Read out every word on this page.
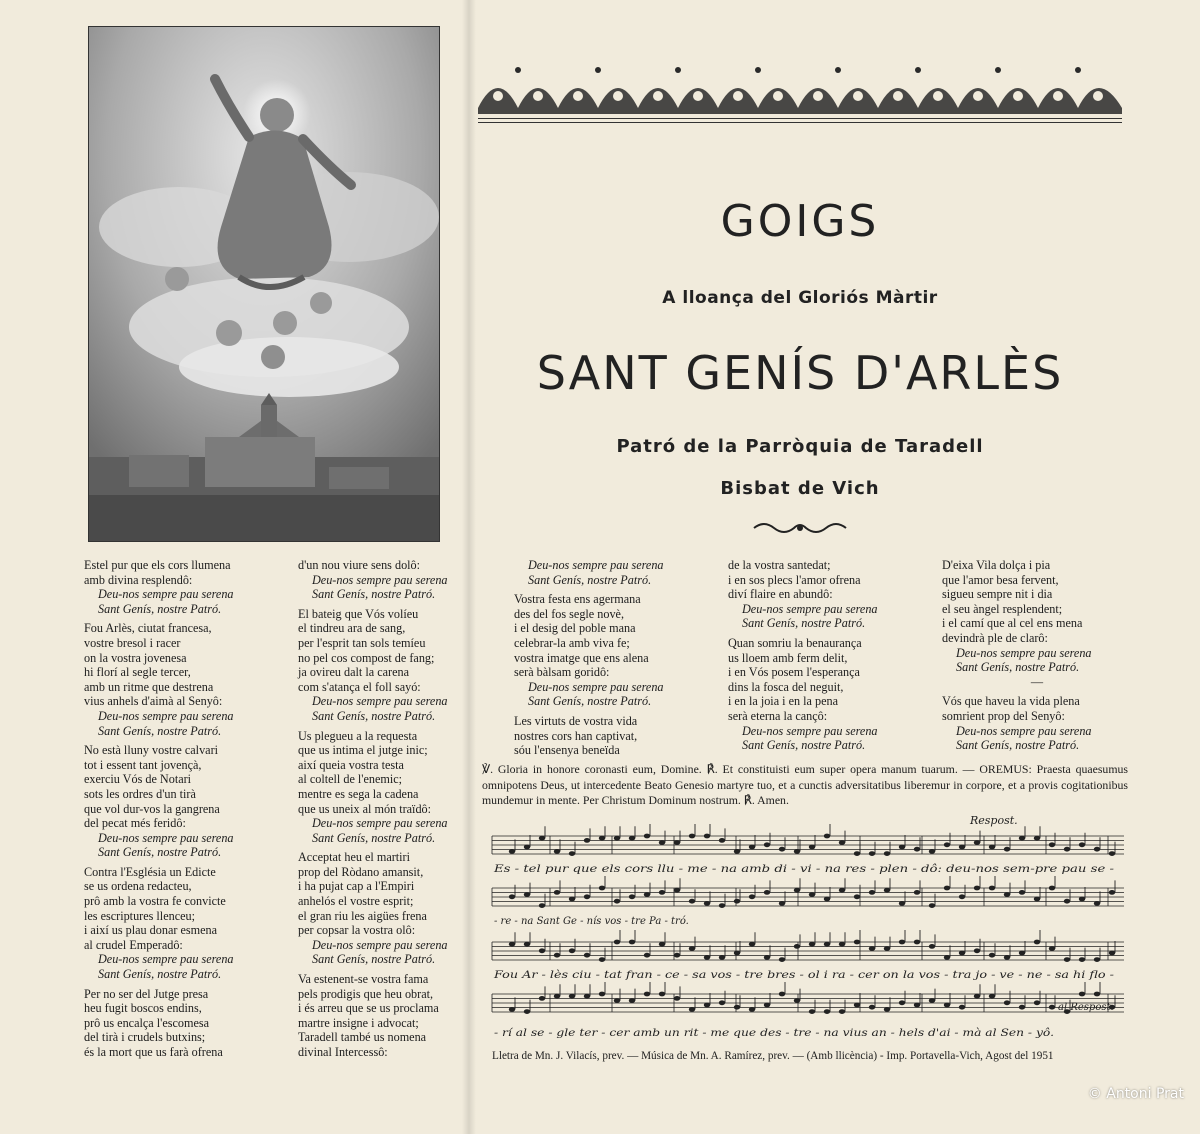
GOIGS
A lloança del Gloriós Màrtir
SANT GENÍS D'ARLÈS
Patró de la Parròquia de Taradell
Bisbat de Vich

Estel pur que els cors llumena
amb divina resplendô:
Deu-nos sempre pau serena
Sant Genís, nostre Patró.

Fou Arlès, ciutat francesa,
vostre bresol i racer
on la vostra jovenesa
hi florí al segle tercer,
amb un ritme que destrena
vius anhels d'aimà al Senyô:
Deu-nos sempre pau serena
Sant Genís, nostre Patró.

No està lluny vostre calvari
tot i essent tant jovençà,
exerciu Vós de Notari
sots les ordres d'un tirà
que vol dur-vos la gangrena
del pecat més feridô:
Deu-nos sempre pau serena
Sant Genís, nostre Patró.

Contra l'Església un Edicte
se us ordena redacteu,
prô amb la vostra fe convicte
les escriptures llenceu;
i així us plau donar esmena
al crudel Emperadô:
Deu-nos sempre pau serena
Sant Genís, nostre Patró.

Per no ser del Jutge presa
heu fugit boscos endins,
prô us encalça l'escomesa
del tirà i crudels butxins;
és la mort que us farà ofrena

d'un nou viure sens dolô:
Deu-nos sempre pau serena
Sant Genís, nostre Patró.

El bateig que Vós volíeu
el tindreu ara de sang,
per l'esprit tan sols temíeu
no pel cos compost de fang;
ja ovireu dalt la carena
com s'atança el foll sayó:
Deu-nos sempre pau serena
Sant Genís, nostre Patró.

Us plegueu a la requesta
que us intima el jutge inic;
així queia vostra testa
al coltell de l'enemic;
mentre es sega la cadena
que us uneix al món traïdô:
Deu-nos sempre pau serena
Sant Genís, nostre Patró.

Acceptat heu el martiri
prop del Ròdano amansit,
i ha pujat cap a l'Empiri
anhelós el vostre esprit;
el gran riu les aigües frena
per copsar la vostra olô:
Deu-nos sempre pau serena
Sant Genís, nostre Patró.

Va estenent-se vostra fama
pels prodigis que heu obrat,
i és arreu que se us proclama
martre insigne i advocat;
Taradell també us nomena
divinal Intercessô:

Deu-nos sempre pau serena
Sant Genís, nostre Patró.

Vostra festa ens agermana
des del fos segle novè,
i el desig del poble mana
celebrar-la amb viva fe;
vostra imatge que ens alena
serà bàlsam goridô:
Deu-nos sempre pau serena
Sant Genís, nostre Patró.

Les virtuts de vostra vida
nostres cors han captivat,
sóu l'ensenya beneïda

de la vostra santedat;
i en sos plecs l'amor ofrena
diví flaire en abundô:
Deu-nos sempre pau serena
Sant Genís, nostre Patró.

Quan somriu la benaurança
us lloem amb ferm delit,
i en Vós posem l'esperança
dins la fosca del neguit,
i en la joia i en la pena
serà eterna la cançô:
Deu-nos sempre pau serena
Sant Genís, nostre Patró.

D'eixa Vila dolça i pia
que l'amor besa fervent,
sigueu sempre nit i dia
el seu àngel resplendent;
i el camí que al cel ens mena
devindrà ple de clarô:
Deu-nos sempre pau serena
Sant Genís, nostre Patró.
—

Vós que haveu la vida plena
somrient prop del Senyô:
Deu-nos sempre pau serena
Sant Genís, nostre Patró.

℣. Gloria in honore coronasti eum, Domine. ℟. Et constituisti eum super opera manum tuarum. — OREMUS: Praesta quaesumus omnipotens Deus, ut intercedente Beato Genesio martyre tuo, et a cunctis adversitatibus liberemur in corpore, et a provis cogitationibus mundemur in mente. Per Christum Dominum nostrum. ℟. Amen.
Respost.
Es - tel pur que els cors llu - me - na amb di - vi - na res - plen - dô: deu-nos sem-pre pau se -
- re - na Sant Ge - nís vos - tre Pa - tró.
Fou Ar - lès ciu - tat fran - ce - sa vos - tre bres - ol i ra - cer on la vos - tra jo - ve - ne - sa hi flo -
- rí al se - gle ter - cer amb un rit - me que des - tre - na vius an - hels d'ai - mà al Sen - yô.
al Respost.
Lletra de Mn. J. Vilacís, prev. — Música de Mn. A. Ramírez, prev. — (Amb llicència) - Imp. Portavella-Vich, Agost del 1951
© Antoni Prat
